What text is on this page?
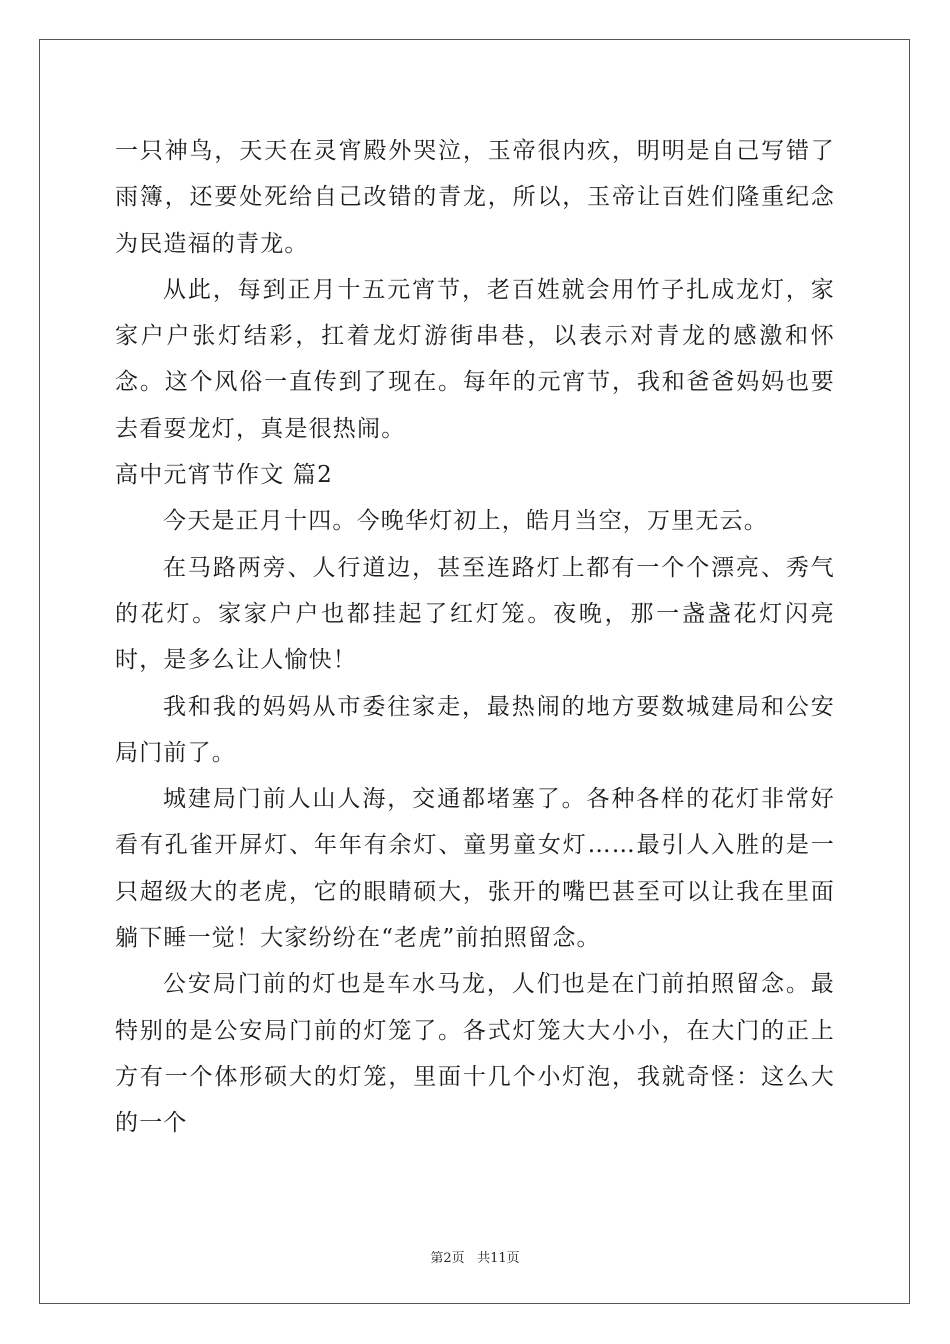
一只神鸟，天天在灵宵殿外哭泣，玉帝很内疚，明明是自己写错了雨簿，还要处死给自己改错的青龙，所以，玉帝让百姓们隆重纪念为民造福的青龙。

从此，每到正月十五元宵节，老百姓就会用竹子扎成龙灯，家家户户张灯结彩，扛着龙灯游街串巷，以表示对青龙的感激和怀念。这个风俗一直传到了现在。每年的元宵节，我和爸爸妈妈也要去看耍龙灯，真是很热闹。

高中元宵节作文 篇2

今天是正月十四。今晚华灯初上，皓月当空，万里无云。

在马路两旁、人行道边，甚至连路灯上都有一个个漂亮、秀气的花灯。家家户户也都挂起了红灯笼。夜晚，那一盏盏花灯闪亮时，是多么让人愉快！

我和我的妈妈从市委往家走，最热闹的地方要数城建局和公安局门前了。

城建局门前人山人海，交通都堵塞了。各种各样的花灯非常好看有孔雀开屏灯、年年有余灯、童男童女灯……最引人入胜的是一只超级大的老虎，它的眼睛硕大，张开的嘴巴甚至可以让我在里面躺下睡一觉！大家纷纷在“老虎”前拍照留念。

公安局门前的灯也是车水马龙，人们也是在门前拍照留念。最特别的是公安局门前的灯笼了。各式灯笼大大小小，在大门的正上方有一个体形硕大的灯笼，里面十几个小灯泡，我就奇怪：这么大的一个

第2页 共11页
